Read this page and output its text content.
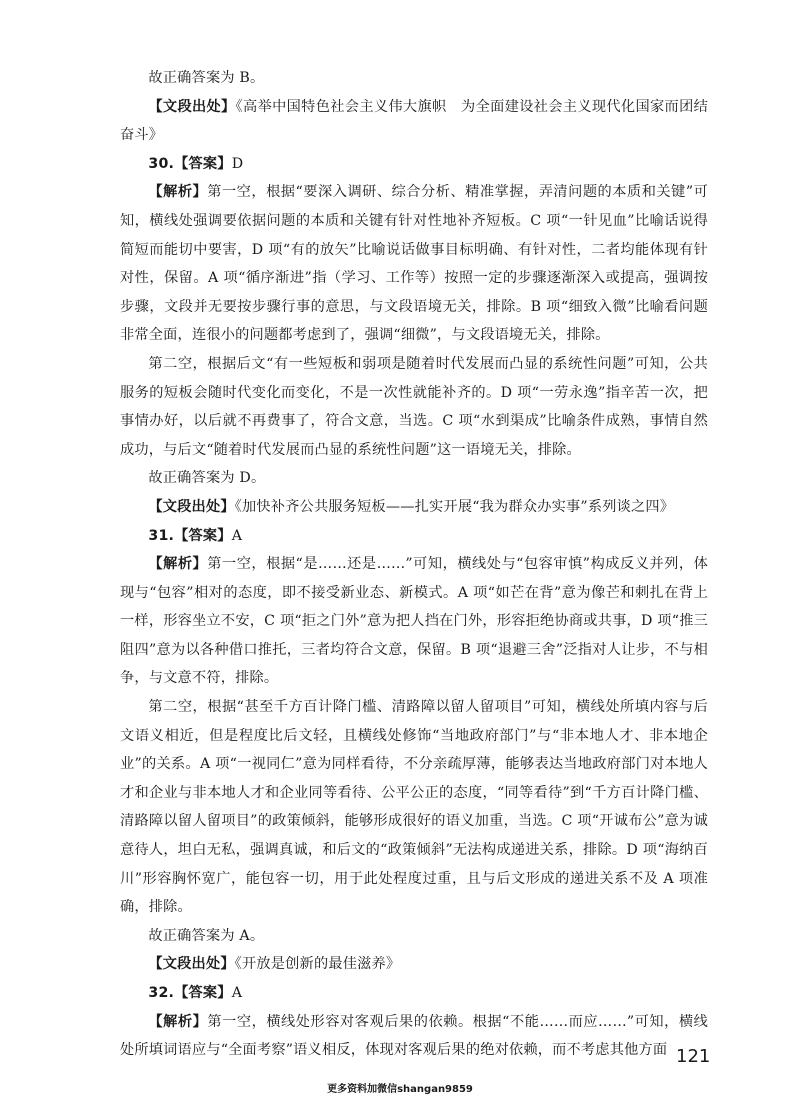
故正确答案为 B。

【文段出处】《高举中国特色社会主义伟大旗帜　为全面建设社会主义现代化国家而团结奋斗》

30.【答案】D

【解析】第一空，根据“要深入调研、综合分析、精准掌握，弄清问题的本质和关键”可知，横线处强调要依据问题的本质和关键有针对性地补齐短板。C 项“一针见血”比喻话说得简短而能切中要害，D 项“有的放矢”比喻说话做事目标明确、有针对性，二者均能体现有针对性，保留。A 项“循序渐进”指（学习、工作等）按照一定的步骤逐渐深入或提高，强调按步骤，文段并无要按步骤行事的意思，与文段语境无关，排除。B 项“细致入微”比喻看问题非常全面，连很小的问题都考虑到了，强调“细微”，与文段语境无关，排除。

第二空，根据后文“有一些短板和弱项是随着时代发展而凸显的系统性问题”可知，公共服务的短板会随时代变化而变化，不是一次性就能补齐的。D 项“一劳永逸”指辛苦一次，把事情办好，以后就不再费事了，符合文意，当选。C 项“水到渠成”比喻条件成熟，事情自然成功，与后文“随着时代发展而凸显的系统性问题”这一语境无关，排除。

故正确答案为 D。

【文段出处】《加快补齐公共服务短板——扎实开展“我为群众办实事”系列谈之四》

31.【答案】A

【解析】第一空，根据“是……还是……”可知，横线处与“包容审慎”构成反义并列，体现与“包容”相对的态度，即不接受新业态、新模式。A 项“如芒在背”意为像芒和刺扎在背上一样，形容坐立不安，C 项“拒之门外”意为把人挡在门外，形容拒绝协商或共事，D 项“推三阻四”意为以各种借口推托，三者均符合文意，保留。B 项“退避三舍”泛指对人让步，不与相争，与文意不符，排除。

第二空，根据“甚至千方百计降门槛、清路障以留人留项目”可知，横线处所填内容与后文语义相近，但是程度比后文轻，且横线处修饰“当地政府部门”与“非本地人才、非本地企业”的关系。A 项“一视同仁”意为同样看待，不分亲疏厚薄，能够表达当地政府部门对本地人才和企业与非本地人才和企业同等看待、公平公正的态度，“同等看待”到“千方百计降门槛、清路障以留人留项目”的政策倾斜，能够形成很好的语义加重，当选。C 项“开诚布公”意为诚意待人，坦白无私，强调真诚，和后文的“政策倾斜”无法构成递进关系，排除。D 项“海纳百川”形容胸怀宽广，能包容一切，用于此处程度过重，且与后文形成的递进关系不及 A 项准确，排除。

故正确答案为 A。

【文段出处】《开放是创新的最佳滋养》

32.【答案】A

【解析】第一空，横线处形容对客观后果的依赖。根据“不能……而应……”可知，横线处所填词语应与“全面考察”语义相反，体现对客观后果的绝对依赖，而不考虑其他方面 121
更多资料加微信shangan9859
